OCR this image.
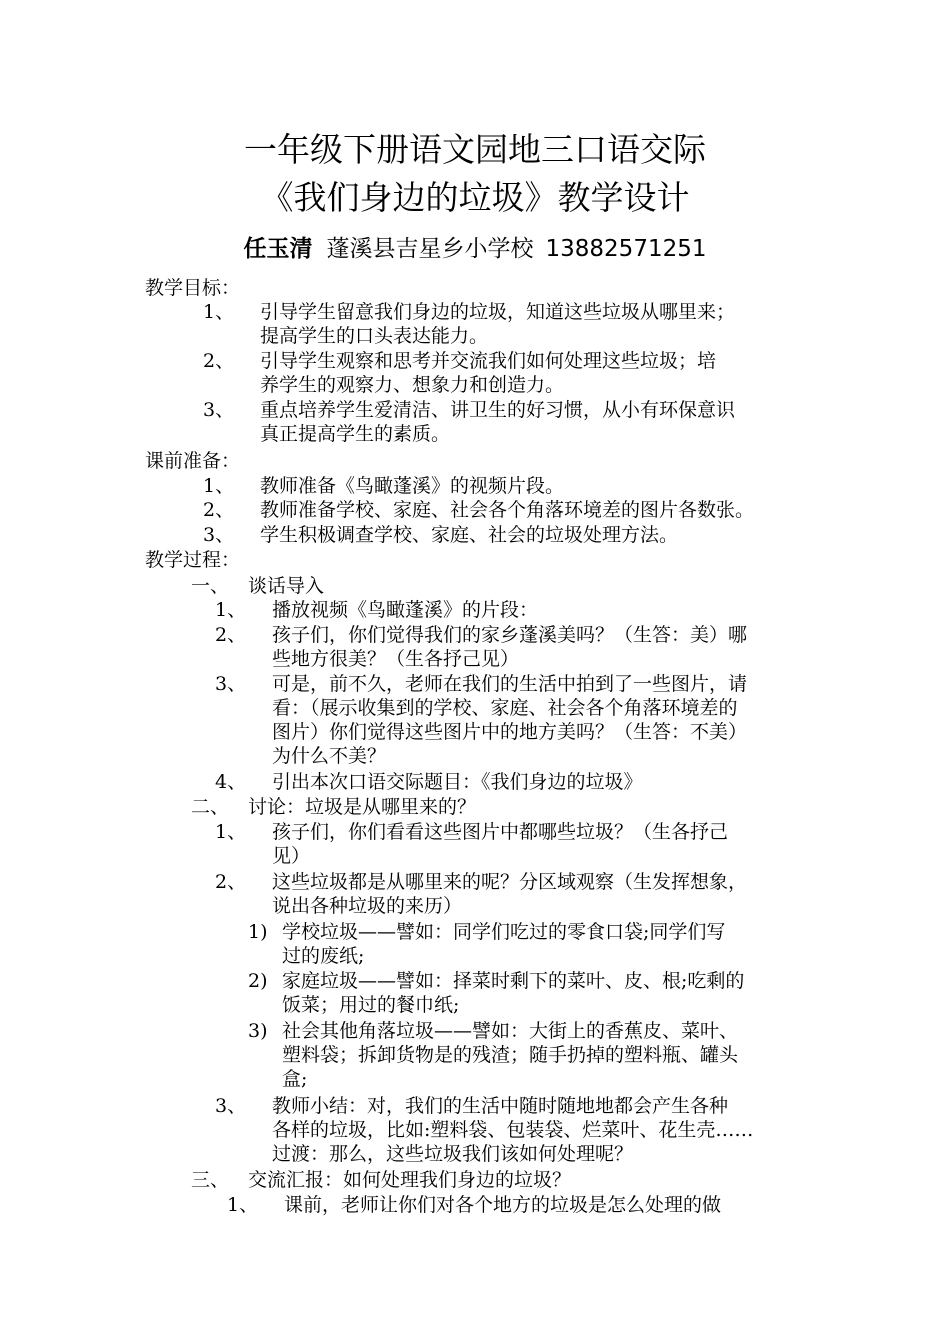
一年级下册语文园地三口语交际
《我们身边的垃圾》教学设计
任玉清 蓬溪县吉星乡小学校 13882571251
教学目标：
1、 引导学生留意我们身边的垃圾，知道这些垃圾从哪里来；
提高学生的口头表达能力。
2、 引导学生观察和思考并交流我们如何处理这些垃圾；培
养学生的观察力、想象力和创造力。
3、 重点培养学生爱清洁、讲卫生的好习惯，从小有环保意识
真正提高学生的素质。
课前准备：
1、 教师准备《鸟瞰蓬溪》的视频片段。
2、 教师准备学校、家庭、社会各个角落环境差的图片各数张。
3、 学生积极调查学校、家庭、社会的垃圾处理方法。
教学过程：
一、 谈话导入
1、 播放视频《鸟瞰蓬溪》的片段：
2、 孩子们，你们觉得我们的家乡蓬溪美吗？（生答：美）哪
些地方很美？（生各抒己见）
3、 可是，前不久，老师在我们的生活中拍到了一些图片，请
看：（展示收集到的学校、家庭、社会各个角落环境差的
图片）你们觉得这些图片中的地方美吗？（生答：不美）
为什么不美？
4、 引出本次口语交际题目：《我们身边的垃圾》
二、 讨论：垃圾是从哪里来的？
1、 孩子们，你们看看这些图片中都哪些垃圾？（生各抒己
见）
2、 这些垃圾都是从哪里来的呢？分区域观察（生发挥想象，
说出各种垃圾的来历）
1) 学校垃圾——譬如：同学们吃过的零食口袋;同学们写
过的废纸;
2) 家庭垃圾——譬如：择菜时剩下的菜叶、皮、根;吃剩的
饭菜；用过的餐巾纸;
3) 社会其他角落垃圾——譬如：大街上的香蕉皮、菜叶、
塑料袋；拆卸货物是的残渣；随手扔掉的塑料瓶、罐头
盒;
3、 教师小结：对，我们的生活中随时随地地都会产生各种
各样的垃圾，比如:塑料袋、包装袋、烂菜叶、花生壳……
过渡：那么，这些垃圾我们该如何处理呢？
三、 交流汇报：如何处理我们身边的垃圾？
1、 课前，老师让你们对各个地方的垃圾是怎么处理的做
